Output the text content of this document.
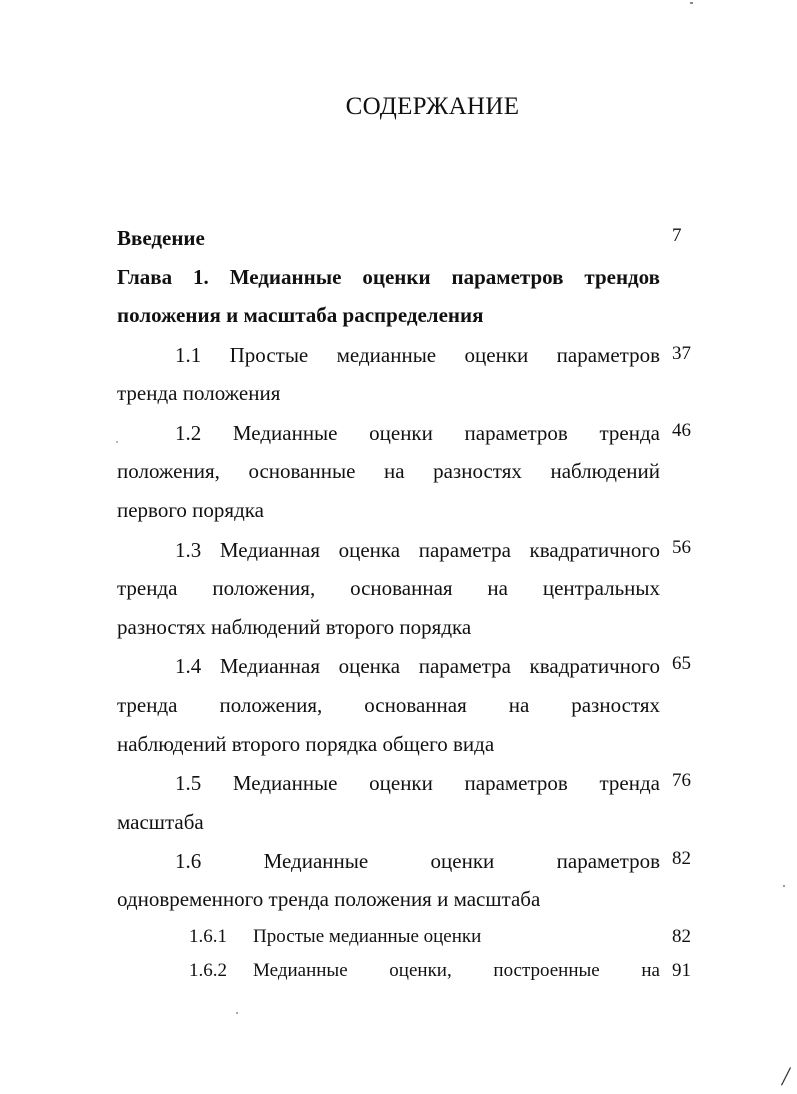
СОДЕРЖАНИЕ
Введение	7
Глава 1. Медианные оценки параметров трендов
положения и масштаба распределения
1.1 Простые медианные оценки параметров 37
тренда положения
1.2 Медианные оценки параметров тренда 46
положения, основанные на разностях наблюдений
первого порядка
1.3 Медианная оценка параметра квадратичного 56
тренда положения, основанная на центральных
разностях наблюдений второго порядка
1.4 Медианная оценка параметра квадратичного 65
тренда положения, основанная на разностях
наблюдений второго порядка общего вида
1.5 Медианные оценки параметров тренда 76
масштаба
1.6 Медианные оценки параметров 82
одновременного тренда положения и масштаба
1.6.1 Простые медианные оценки	82
1.6.2 Медианные оценки, построенные на 91
/
